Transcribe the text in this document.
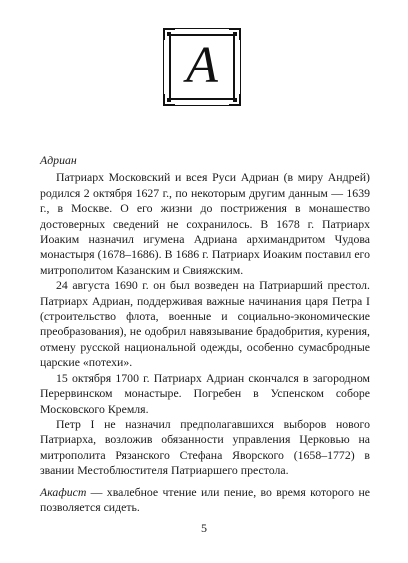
А

Адриан

Патриарх Московский и всея Руси Адриан (в миру Андрей) родился 2 октября 1627 г., по некоторым другим данным — 1639 г., в Москве. О его жизни до пострижения в монашество достоверных сведений не сохранилось. В 1678 г. Патриарх Иоаким назначил игумена Адриана архимандритом Чудова монастыря (1678–1686). В 1686 г. Патриарх Иоаким поставил его митрополитом Казанским и Свияжским.

24 августа 1690 г. он был возведен на Патриарший престол. Патриарх Адриан, поддерживая важные начинания царя Петра I (строительство флота, военные и социально-экономические преобразования), не одобрил навязывание брадобрития, курения, отмену русской национальной одежды, особенно сумасбродные царские «потехи».

15 октября 1700 г. Патриарх Адриан скончался в загородном Перервинском монастыре. Погребен в Успенском соборе Московского Кремля.

Петр I не назначил предполагавшихся выборов нового Патриарха, возложив обязанности управления Церковью на митрополита Рязанского Стефана Яворского (1658–1772) в звании Местоблюстителя Патриаршего престола.

Акафист — хвалебное чтение или пение, во время которого не позволяется сидеть.

5
